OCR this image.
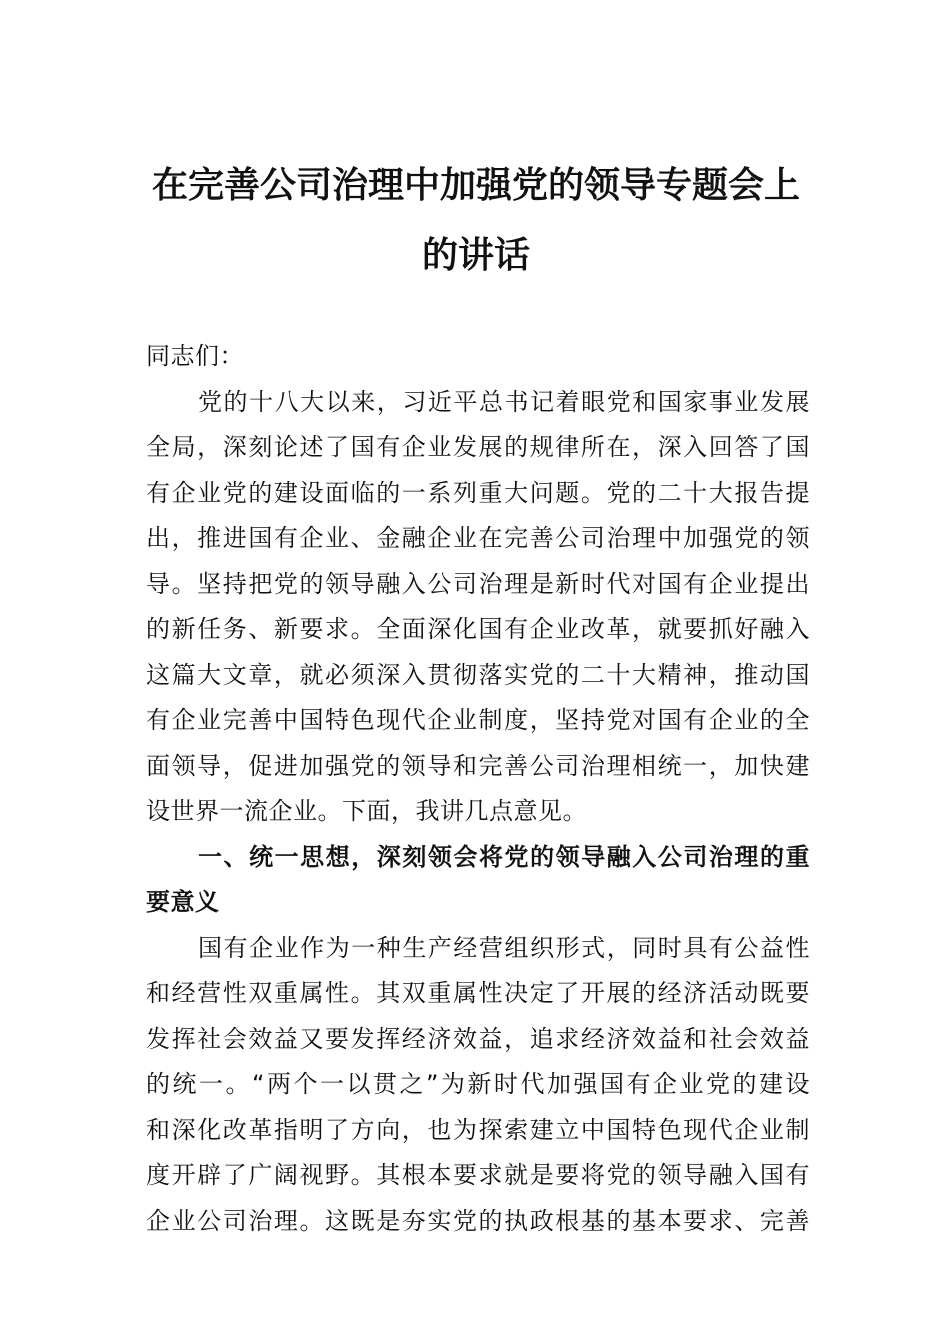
在完善公司治理中加强党的领导专题会上
的讲话
同志们：
党的十八大以来，习近平总书记着眼党和国家事业发展
全局，深刻论述了国有企业发展的规律所在，深入回答了国
有企业党的建设面临的一系列重大问题。党的二十大报告提
出，推进国有企业、金融企业在完善公司治理中加强党的领
导。坚持把党的领导融入公司治理是新时代对国有企业提出
的新任务、新要求。全面深化国有企业改革，就要抓好融入
这篇大文章，就必须深入贯彻落实党的二十大精神，推动国
有企业完善中国特色现代企业制度，坚持党对国有企业的全
面领导，促进加强党的领导和完善公司治理相统一，加快建
设世界一流企业。下面，我讲几点意见。
一、统一思想，深刻领会将党的领导融入公司治理的重
要意义
国有企业作为一种生产经营组织形式，同时具有公益性
和经营性双重属性。其双重属性决定了开展的经济活动既要
发挥社会效益又要发挥经济效益，追求经济效益和社会效益
的统一。“两个一以贯之”为新时代加强国有企业党的建设
和深化改革指明了方向，也为探索建立中国特色现代企业制
度开辟了广阔视野。其根本要求就是要将党的领导融入国有
企业公司治理。这既是夯实党的执政根基的基本要求、完善
